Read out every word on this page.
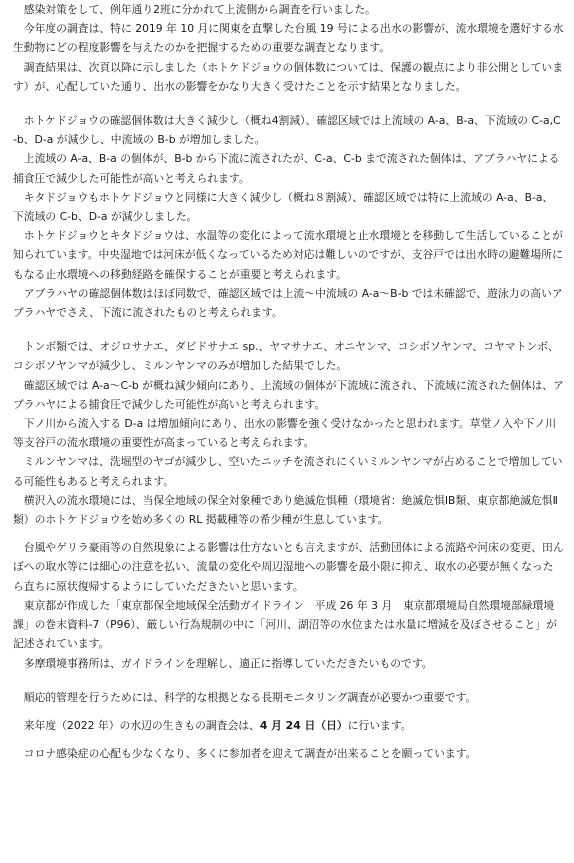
感染対策をして、例年通り2班に分かれて上流側から調査を行いました。

今年度の調査は、特に 2019 年 10 月に関東を直撃した台風 19 号による出水の影響が、流水環境を選好する水生動物にどの程度影響を与えたのかを把握するための重要な調査となります。

調査結果は、次頁以降に示しました（ホトケドジョウの個体数については、保護の観点により非公開としています）が、心配していた通り、出水の影響をかなり大きく受けたことを示す結果となりました。

ホトケドジョウの確認個体数は大きく減少し（概ね4割減）、確認区域では上流域の A-a、B-a、下流域の C-a,C-b、D-a が減少し、中流域の B-b が増加しました。

上流域の A-a、B-a の個体が、B-b から下流に流されたが、C-a、C-b まで流された個体は、アブラハヤによる捕食圧で減少した可能性が高いと考えられます。

キタドジョウもホトケドジョウと同様に大きく減少し（概ね８割減）、確認区域では特に上流域の A-a、B-a、下流域の C-b、D-a が減少しました。

ホトケドジョウとキタドジョウは、水温等の変化によって流水環境と止水環境とを移動して生活していることが知られています。中央湿地では河床が低くなっているため対応は難しいのですが、支谷戸では出水時の避難場所にもなる止水環境への移動経路を確保することが重要と考えられます。

アブラハヤの確認個体数はほぼ同数で、確認区域では上流～中流域の A-a～B-b では未確認で、遊泳力の高いアブラハヤでさえ、下流に流されたものと考えられます。

トンボ類では、オジロサナエ、ダビドサナエ sp.、ヤマサナエ、オニヤンマ、コシボソヤンマ、コヤマトンボ、コシボソヤンマが減少し、ミルンヤンマのみが増加した結果でした。

確認区域では A-a～C-b が概ね減少傾向にあり、上流域の個体が下流域に流され、下流域に流された個体は、アブラハヤによる捕食圧で減少した可能性が高いと考えられます。

下ノ川から流入する D-a は増加傾向にあり、出水の影響を強く受けなかったと思われます。草堂ノ入や下ノ川等支谷戸の流水環境の重要性が高まっていると考えられます。

ミルンヤンマは、洗堀型のヤゴが減少し、空いたニッチを流されにくいミルンヤンマが占めることで増加している可能性もあると考えられます。

横沢入の流水環境には、当保全地域の保全対象種であり絶滅危惧種（環境省：絶滅危惧ⅠB類、東京都絶滅危惧Ⅱ類）のホトケドジョウを始め多くの RL 掲載種等の希少種が生息しています。

台風やゲリラ豪雨等の自然現象による影響は仕方ないとも言えますが、活動団体による流路や河床の変更、田んぼへの取水等には細心の注意を払い、流量の変化や周辺湿地への影響を最小限に抑え、取水の必要が無くなったら直ちに原状復帰するようにしていただきたいと思います。

東京都が作成した「東京都保全地域保全活動ガイドライン　平成 26 年 3 月　東京都環境局自然環境部緑環境課」の巻末資料-7（P96）、厳しい行為規制の中に「河川、湖沼等の水位または水量に増減を及ぼさせること」が記述されています。

多摩環境事務所は、ガイドラインを理解し、適正に指導していただきたいものです。

順応的管理を行うためには、科学的な根拠となる長期モニタリング調査が必要かつ重要です。

来年度（2022 年）の水辺の生きもの調査会は、4 月 24 日（日）に行います。

コロナ感染症の心配も少なくなり、多くに参加者を迎えて調査が出来ることを願っています。
